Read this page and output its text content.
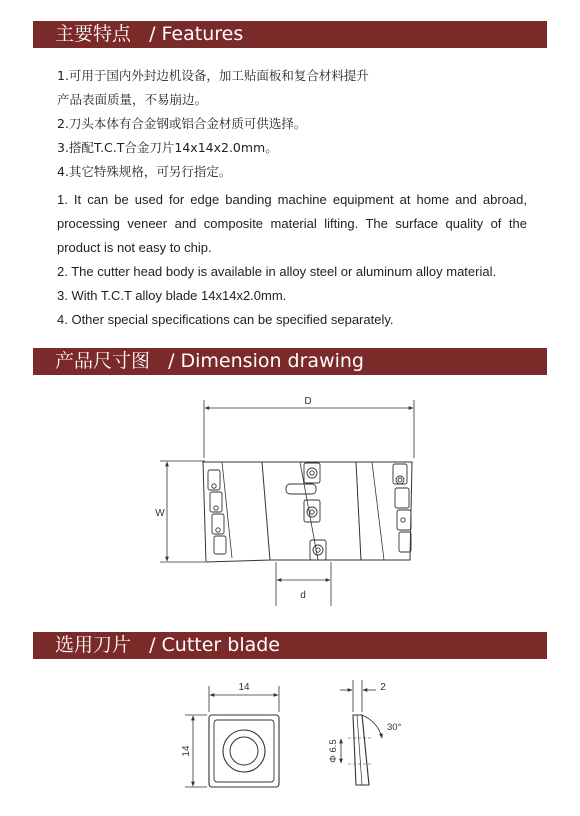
主要特点 / Features
1.可用于国内外封边机设备，加工贴面板和复合材料提升
产品表面质量，不易崩边。
2.刀头本体有合金钢或铝合金材质可供选择。
3.搭配T.C.T合金刀片14x14x2.0mm。
4.其它特殊规格，可另行指定。
1. It can be used for edge banding machine equipment at home and abroad, processing veneer and composite material lifting. The surface quality of the product is not easy to chip.
2. The cutter head body is available in alloy steel or aluminum alloy material.
3. With T.C.T alloy blade 14x14x2.0mm.
4. Other special specifications can be specified separately.
产品尺寸图 / Dimension drawing
D
W
d
14
14
2
Φ 6.5
30°
选用刀片 / Cutter blade
